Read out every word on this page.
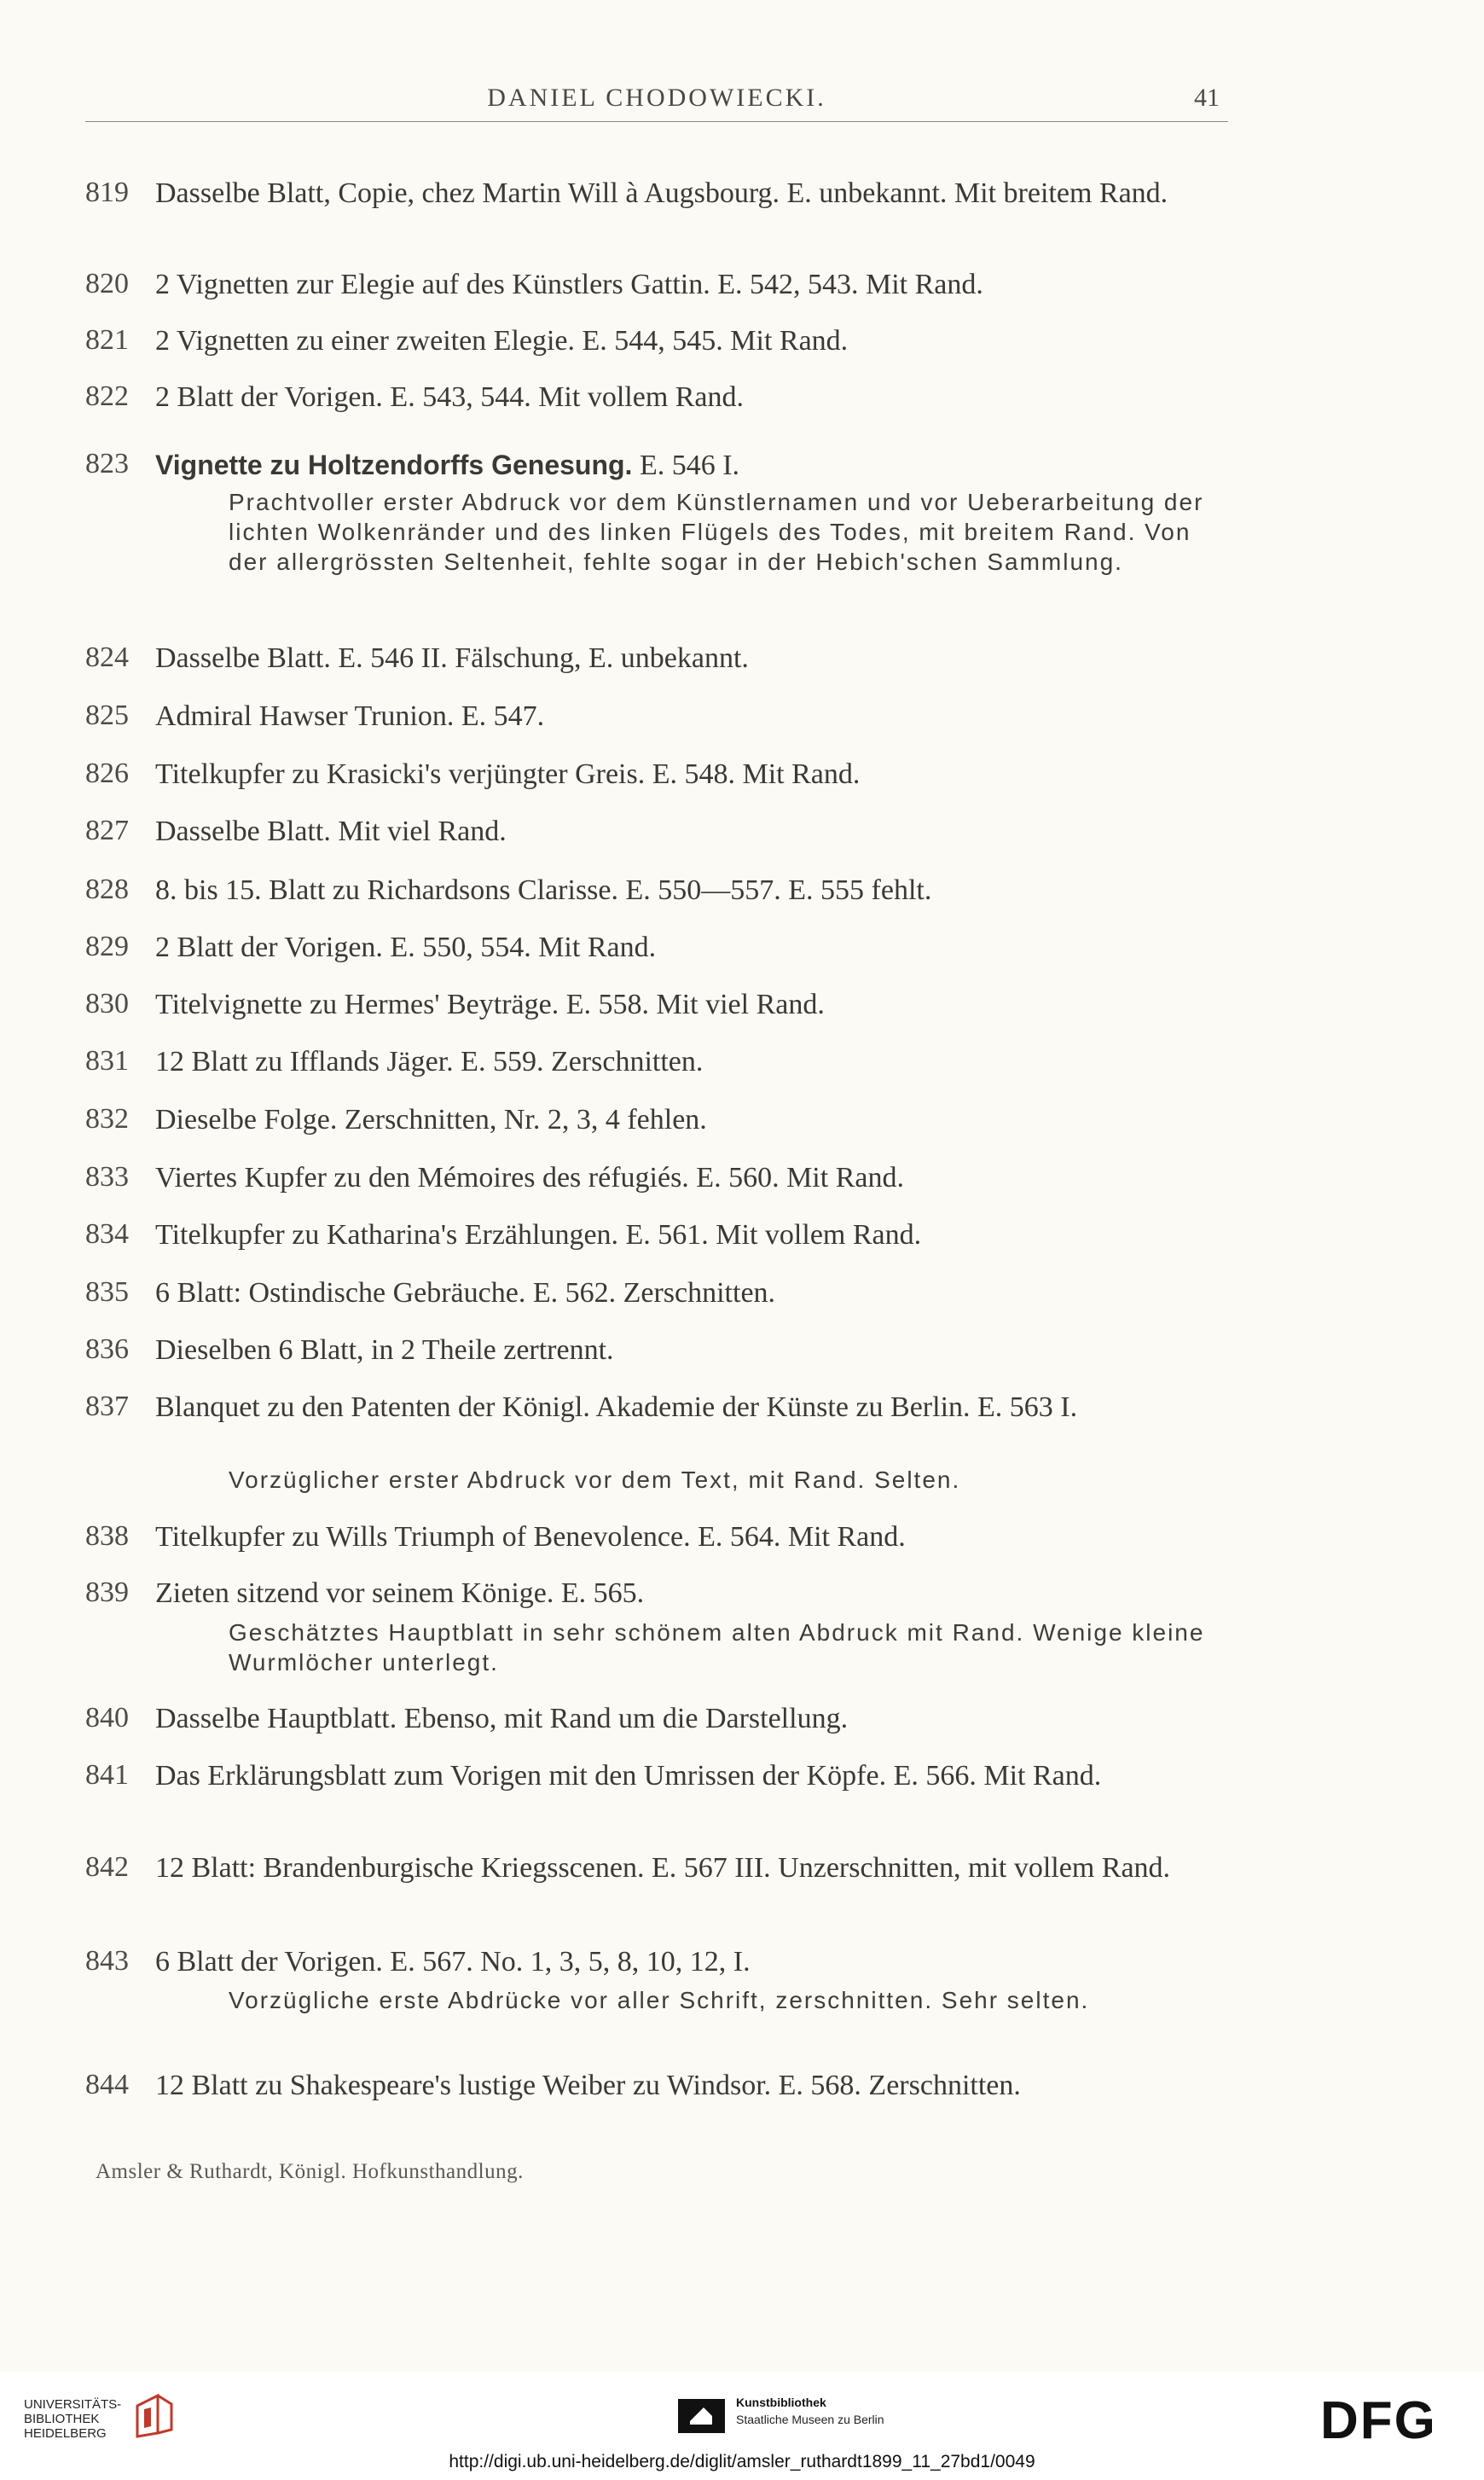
DANIEL CHODOWIECKI.	41
819 Dasselbe Blatt, Copie, chez Martin Will à Augsbourg. E. unbekannt. Mit breitem Rand.
820 2 Vignetten zur Elegie auf des Künstlers Gattin. E. 542, 543. Mit Rand.
821 2 Vignetten zu einer zweiten Elegie. E. 544, 545. Mit Rand.
822 2 Blatt der Vorigen. E. 543, 544. Mit vollem Rand.
823 Vignette zu Holtzendorffs Genesung. E. 546 I.
Prachtvoller erster Abdruck vor dem Künstlernamen und vor Ueberarbeitung der lichten Wolkenränder und des linken Flügels des Todes, mit breitem Rand. Von der allergrössten Seltenheit, fehlte sogar in der Hebich'schen Sammlung.
824 Dasselbe Blatt. E. 546 II. Fälschung, E. unbekannt.
825 Admiral Hawser Trunion. E. 547.
826 Titelkupfer zu Krasicki's verjüngter Greis. E. 548. Mit Rand.
827 Dasselbe Blatt. Mit viel Rand.
828 8. bis 15. Blatt zu Richardsons Clarisse. E. 550—557. E. 555 fehlt.
829 2 Blatt der Vorigen. E. 550, 554. Mit Rand.
830 Titelvignette zu Hermes' Beyträge. E. 558. Mit viel Rand.
831 12 Blatt zu Ifflands Jäger. E. 559. Zerschnitten.
832 Dieselbe Folge. Zerschnitten, Nr. 2, 3, 4 fehlen.
833 Viertes Kupfer zu den Mémoires des réfugiés. E. 560. Mit Rand.
834 Titelkupfer zu Katharina's Erzählungen. E. 561. Mit vollem Rand.
835 6 Blatt: Ostindische Gebräuche. E. 562. Zerschnitten.
836 Dieselben 6 Blatt, in 2 Theile zertrennt.
837 Blanquet zu den Patenten der Königl. Akademie der Künste zu Berlin. E. 563 I.
Vorzüglicher erster Abdruck vor dem Text, mit Rand. Selten.
838 Titelkupfer zu Wills Triumph of Benevolence. E. 564. Mit Rand.
839 Zieten sitzend vor seinem Könige. E. 565.
Geschätztes Hauptblatt in sehr schönem alten Abdruck mit Rand. Wenige kleine Wurmlöcher unterlegt.
840 Dasselbe Hauptblatt. Ebenso, mit Rand um die Darstellung.
841 Das Erklärungsblatt zum Vorigen mit den Umrissen der Köpfe. E. 566. Mit Rand.
842 12 Blatt: Brandenburgische Kriegsscenen. E. 567 III. Unzerschnitten, mit vollem Rand.
843 6 Blatt der Vorigen. E. 567. No. 1, 3, 5, 8, 10, 12, I.
Vorzügliche erste Abdrücke vor aller Schrift, zerschnitten. Sehr selten.
844 12 Blatt zu Shakespeare's lustige Weiber zu Windsor. E. 568. Zerschnitten.
Amsler & Ruthardt, Königl. Hofkunsthandlung.
UNIVERSITÄTS-
BIBLIOTHEK
HEIDELBERG
Kunstbibliothek
Staatliche Museen zu Berlin	DFG
http://digi.ub.uni-heidelberg.de/diglit/amsler_ruthardt1899_11_27bd1/0049
